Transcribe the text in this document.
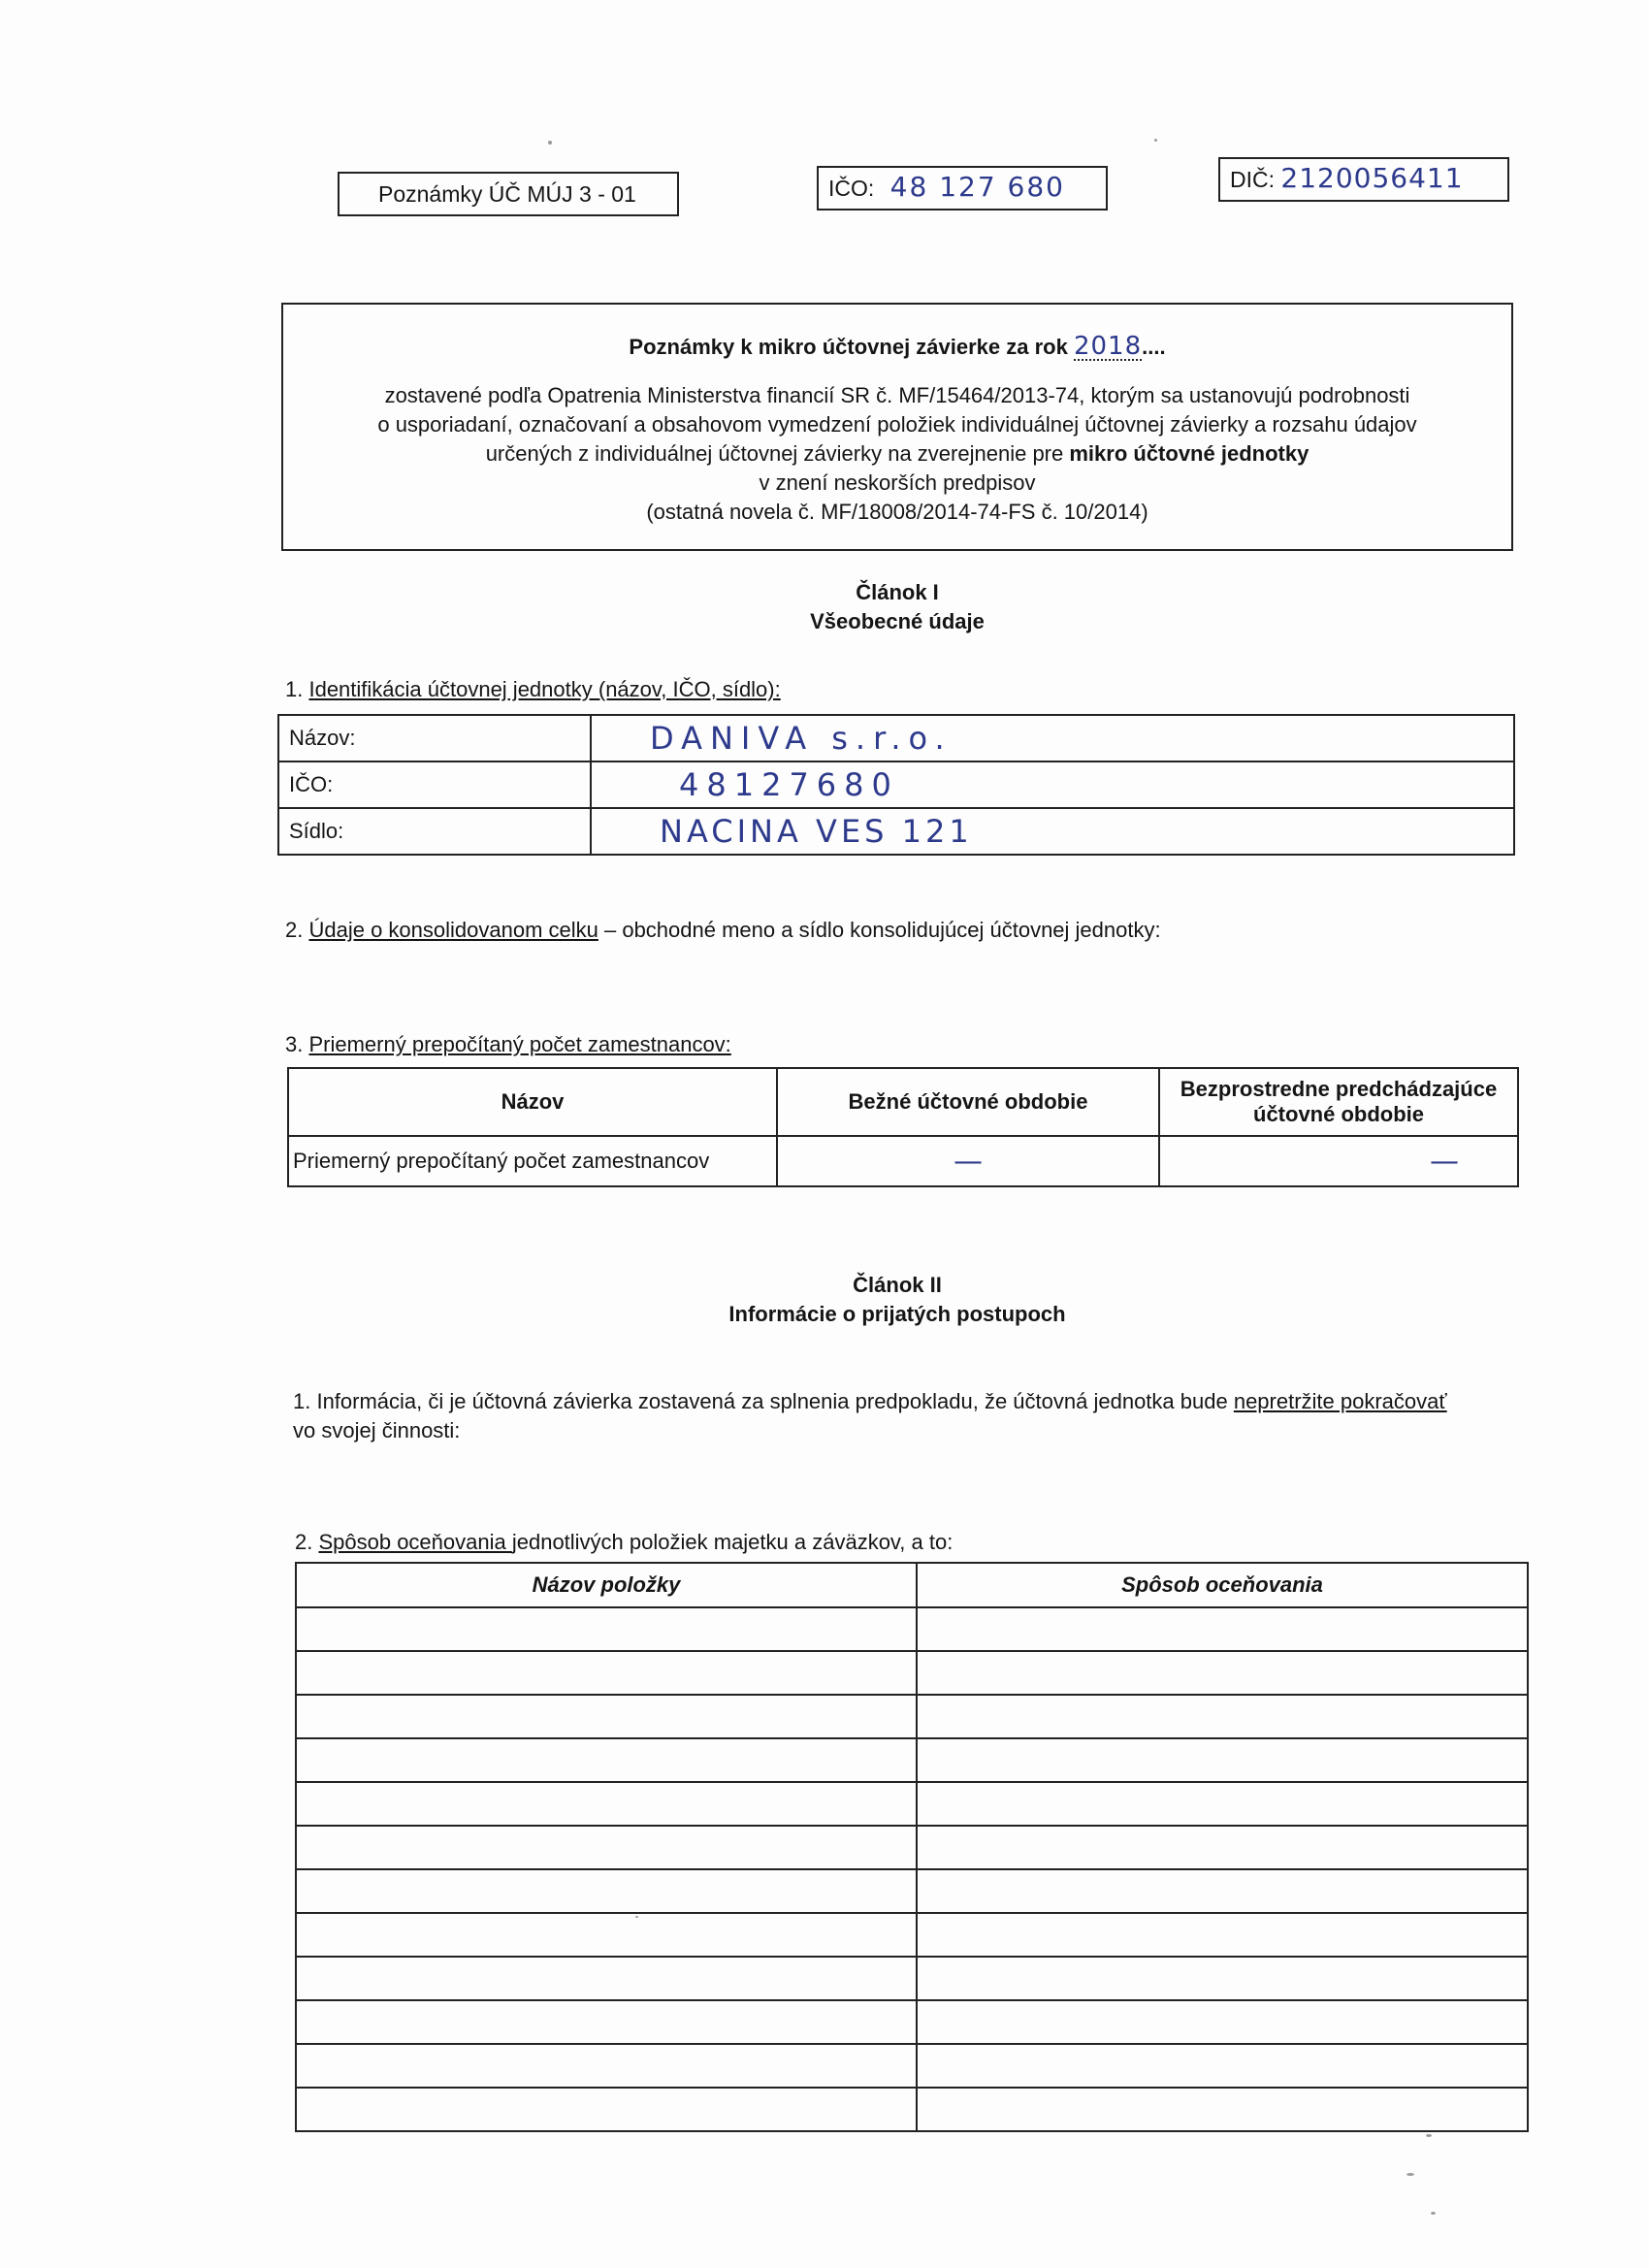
Poznámky ÚČ MÚJ 3 - 01	IČO: 48 127 680	DIČ: 2120056411
Poznámky k mikro účtovnej závierke za rok 2018....
zostavené podľa Opatrenia Ministerstva financií SR č. MF/15464/2013-74, ktorým sa ustanovujú podrobnosti
o usporiadaní, označovaní a obsahovom vymedzení položiek individuálnej účtovnej závierky a rozsahu údajov
určených z individuálnej účtovnej závierky na zverejnenie pre mikro účtovné jednotky
v znení neskorších predpisov
(ostatná novela č. MF/18008/2014-74-FS č. 10/2014)
Článok I
Všeobecné údaje
1. Identifikácia účtovnej jednotky (názov, IČO, sídlo):
Názov:	DANIVA s.r.o.
IČO:	48127680
Sídlo:	NACINA VES 121
2. Údaje o konsolidovanom celku – obchodné meno a sídlo konsolidujúcej účtovnej jednotky:
3. Priemerný prepočítaný počet zamestnancov:
Názov	Bežné účtovné obdobie	Bezprostredne predchádzajúce účtovné obdobie
Priemerný prepočítaný počet zamestnancov	—	—
Článok II
Informácie o prijatých postupoch
1. Informácia, či je účtovná závierka zostavená za splnenia predpokladu, že účtovná jednotka bude nepretržite pokračovať
vo svojej činnosti:
2. Spôsob oceňovania jednotlivých položiek majetku a záväzkov, a to:
Názov položky	Spôsob oceňovania
